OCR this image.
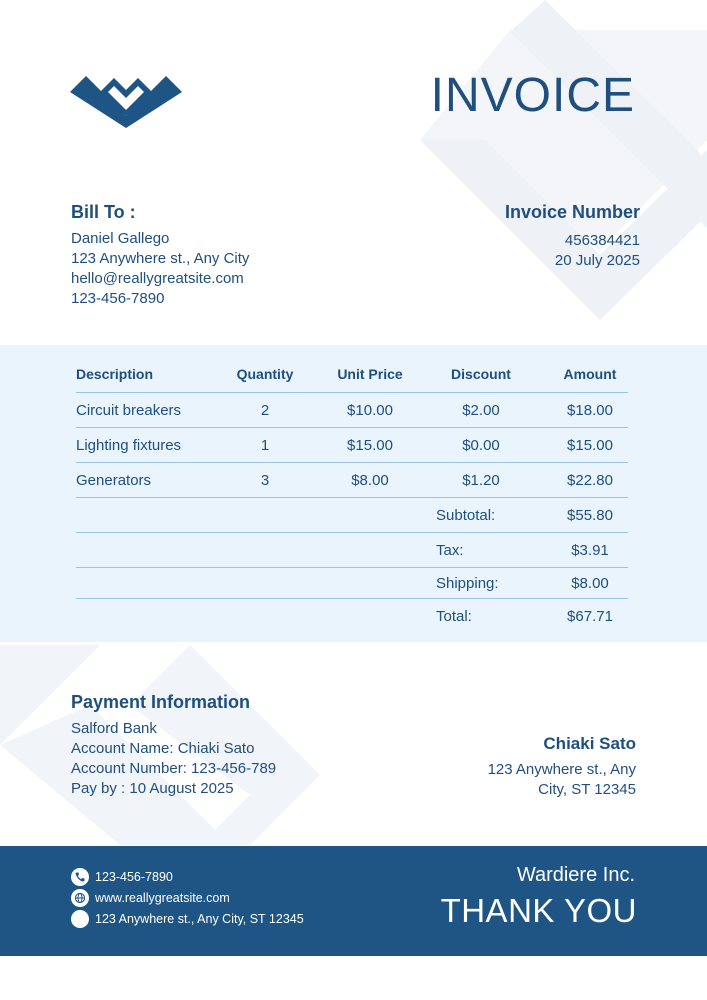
INVOICE
Bill To :
Daniel Gallego
123 Anywhere st., Any City
hello@reallygreatsite.com
123-456-7890
Invoice Number
456384421
20 July 2025
Description	Quantity	Unit Price	Discount	Amount
Circuit breakers	2	$10.00	$2.00	$18.00
Lighting fixtures	1	$15.00	$0.00	$15.00
Generators	3	$8.00	$1.20	$22.80
Subtotal:	$55.80
Tax:	$3.91
Shipping:	$8.00
Total:	$67.71
Payment Information
Salford Bank
Account Name: Chiaki Sato
Account Number: 123-456-789
Pay by : 10 August 2025
Chiaki Sato
123 Anywhere st., Any
City, ST 12345
123-456-7890
www.reallygreatsite.com
123 Anywhere st., Any City, ST 12345
Wardiere Inc.
THANK YOU
